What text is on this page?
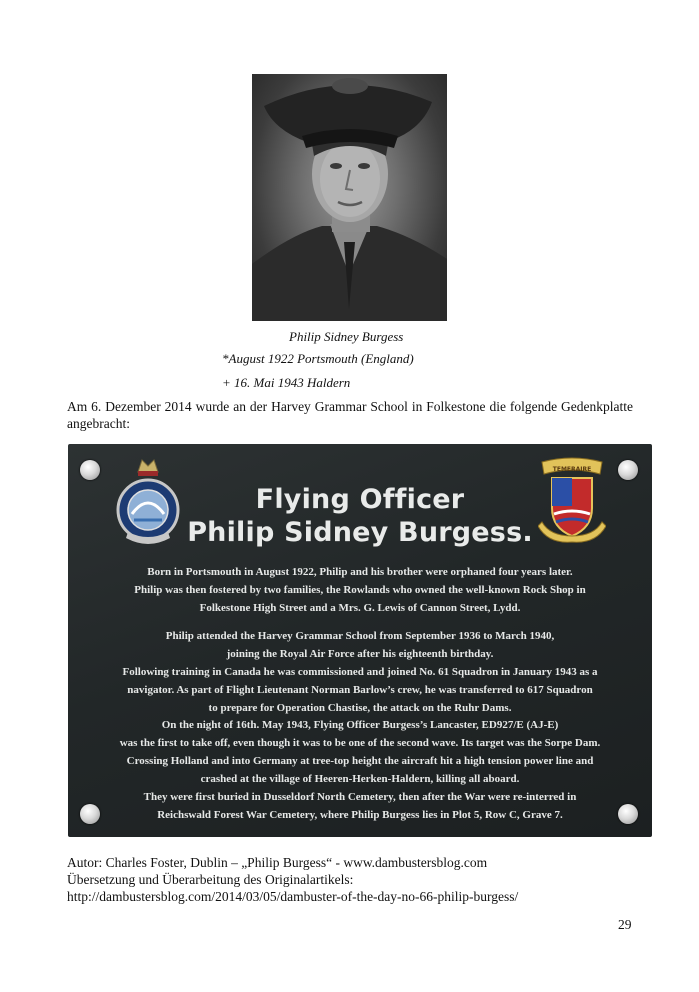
Philip Sidney Burgess
*August 1922 Portsmouth (England)
+ 16. Mai 1943 Haldern
Am 6. Dezember 2014 wurde an der Harvey Grammar School in Folkestone die folgende Gedenkplatte angebracht:
TEMERAIRE
Flying Officer
Philip Sidney Burgess.
Born in Portsmouth in August 1922, Philip and his brother were orphaned four years later.
Philip was then fostered by two families, the Rowlands who owned the well-known Rock Shop in
Folkestone High Street and a Mrs. G. Lewis of Cannon Street, Lydd.
Philip attended the Harvey Grammar School from September 1936 to March 1940,
joining the Royal Air Force after his eighteenth birthday.
Following training in Canada he was commissioned and joined No. 61 Squadron in January 1943 as a
navigator. As part of Flight Lieutenant Norman Barlow’s crew, he was transferred to 617 Squadron
to prepare for Operation Chastise, the attack on the Ruhr Dams.
On the night of 16th. May 1943, Flying Officer Burgess’s Lancaster, ED927/E (AJ-E)
was the first to take off, even though it was to be one of the second wave. Its target was the Sorpe Dam.
Crossing Holland and into Germany at tree-top height the aircraft hit a high tension power line and
crashed at the village of Heeren-Herken-Haldern, killing all aboard.
They were first buried in Dusseldorf North Cemetery, then after the War were re-interred in
Reichswald Forest War Cemetery, where Philip Burgess lies in Plot 5, Row C, Grave 7.
Autor: Charles Foster, Dublin – „Philip Burgess“ - www.dambustersblog.com
Übersetzung und Überarbeitung des Originalartikels:
http://dambustersblog.com/2014/03/05/dambuster-of-the-day-no-66-philip-burgess/
29
